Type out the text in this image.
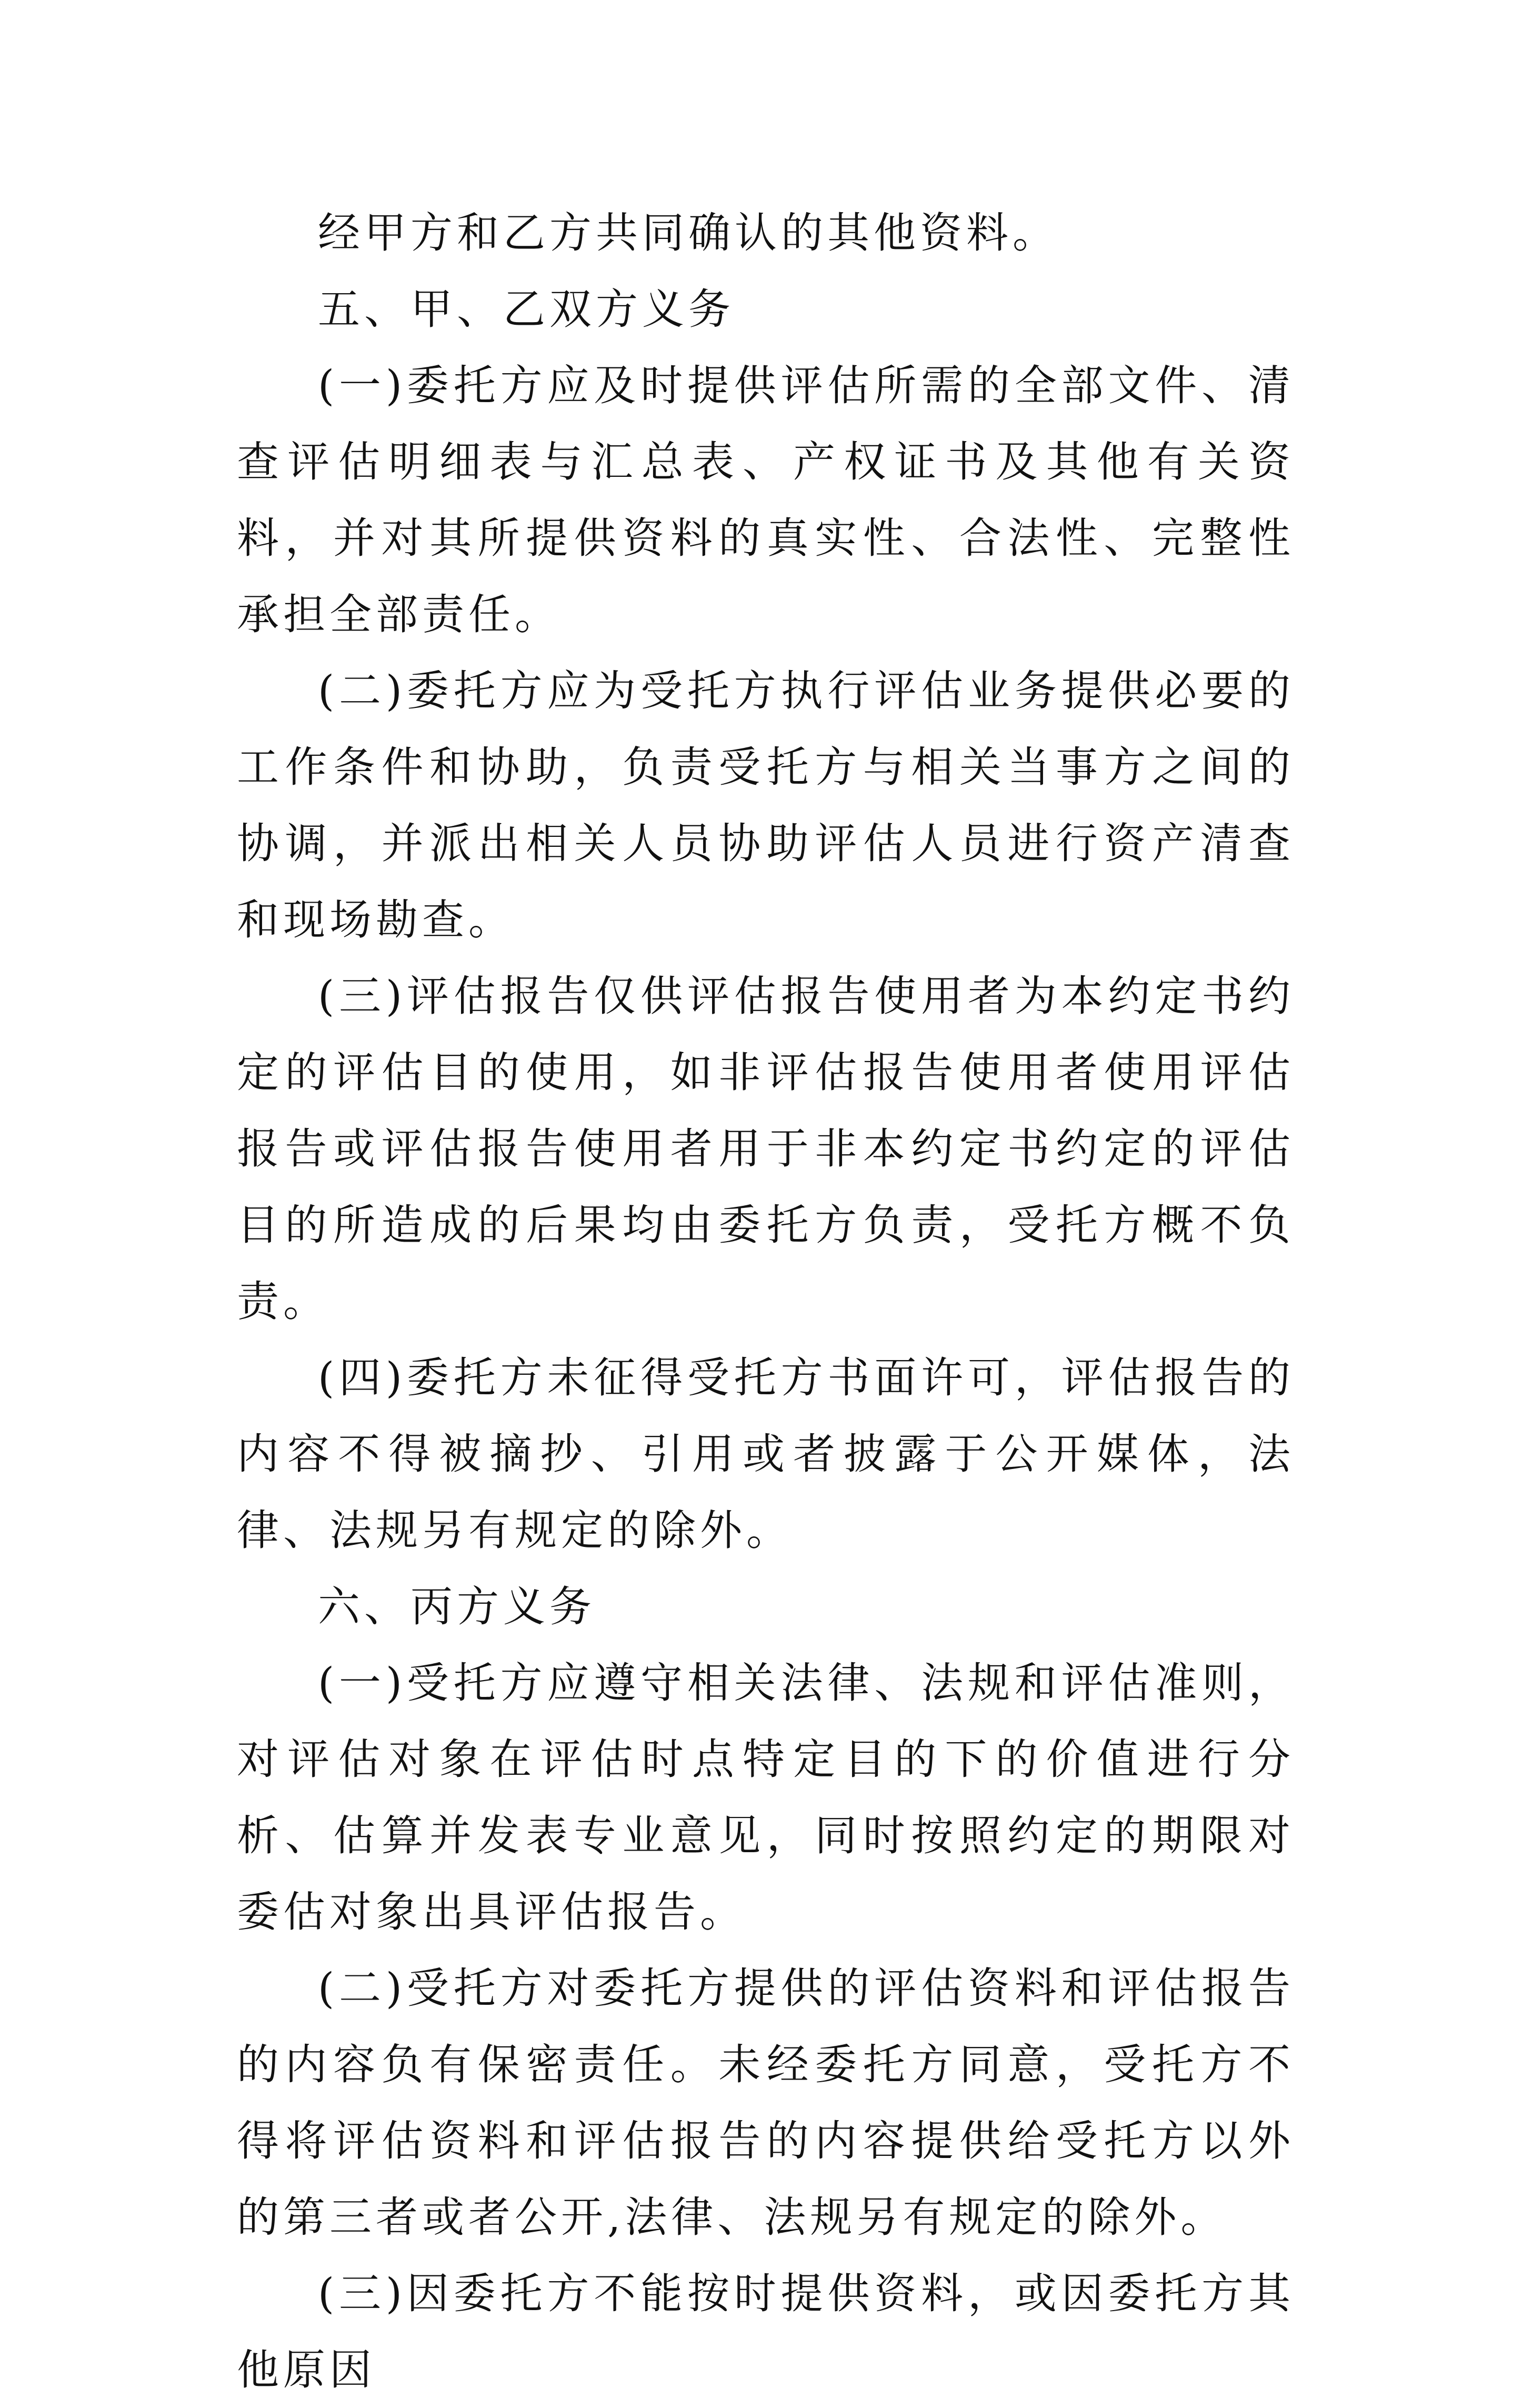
经甲方和乙方共同确认的其他资料。

五、甲、乙双方义务

(一)委托方应及时提供评估所需的全部文件、清查评估明细表与汇总表、产权证书及其他有关资料，并对其所提供资料的真实性、合法性、完整性承担全部责任。

(二)委托方应为受托方执行评估业务提供必要的工作条件和协助，负责受托方与相关当事方之间的协调，并派出相关人员协助评估人员进行资产清查和现场勘查。

(三)评估报告仅供评估报告使用者为本约定书约定的评估目的使用，如非评估报告使用者使用评估报告或评估报告使用者用于非本约定书约定的评估目的所造成的后果均由委托方负责，受托方概不负责。

(四)委托方未征得受托方书面许可，评估报告的内容不得被摘抄、引用或者披露于公开媒体，法律、法规另有规定的除外。

六、丙方义务

(一)受托方应遵守相关法律、法规和评估准则，对评估对象在评估时点特定目的下的价值进行分析、估算并发表专业意见，同时按照约定的期限对委估对象出具评估报告。

(二)受托方对委托方提供的评估资料和评估报告的内容负有保密责任。未经委托方同意，受托方不得将评估资料和评估报告的内容提供给受托方以外的第三者或者公开,法律、法规另有规定的除外。

(三)因委托方不能按时提供资料，或因委托方其他原因
